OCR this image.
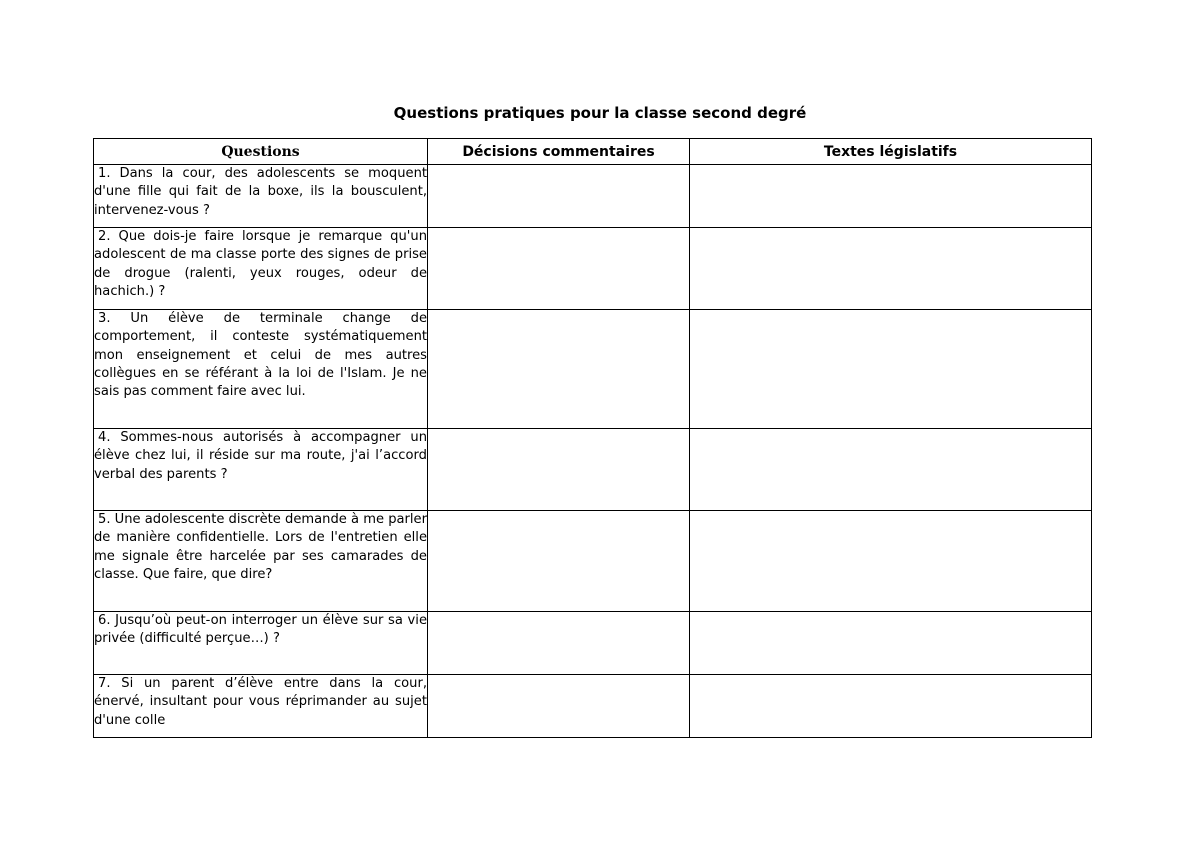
Questions pratiques pour la classe second degré
Questions	Décisions commentaires	Textes législatifs

1. Dans la cour, des adolescents se moquent d'une fille qui fait de la boxe, ils la bousculent, intervenez-vous ?		

2. Que dois-je faire lorsque je remarque qu'un adolescent de ma classe porte des signes de prise de drogue (ralenti, yeux rouges, odeur de hachich.) ?		

3. Un élève de terminale change de comportement, il conteste systématiquement mon enseignement et celui de mes autres collègues en se référant à la loi de l'Islam. Je ne sais pas comment faire avec lui.		

4. Sommes-nous autorisés à accompagner un élève chez lui, il réside sur ma route, j'ai l’accord verbal des parents ?		

5. Une adolescente discrète demande à me parler de manière confidentielle. Lors de l'entretien elle me signale être harcelée par ses camarades de classe. Que faire, que dire?		

6. Jusqu’où peut-on interroger un élève sur sa vie privée (difficulté perçue…) ?		

7. Si un parent d’élève entre dans la cour, énervé, insultant pour vous réprimander au sujet d'une colle		
